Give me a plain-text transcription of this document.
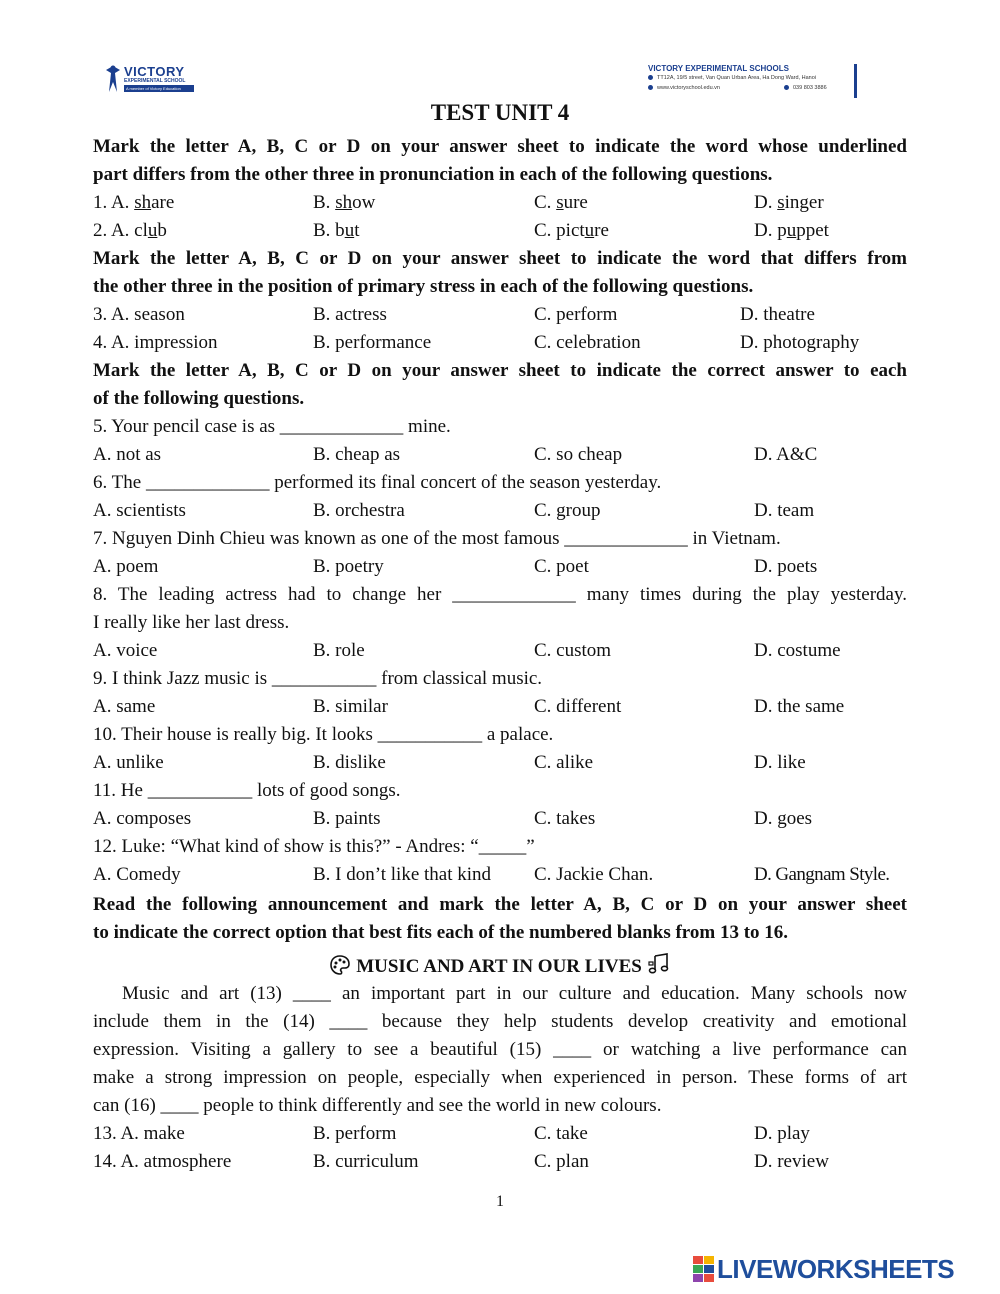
VICTORY
EXPERIMENTAL SCHOOL
A member of Victory Education
VICTORY EXPERIMENTAL SCHOOLS
TT12A, 19/5 street, Van Quan Urban Area, Ha Dong Ward, Hanoi
www.victoryschool.edu.vn	039 803 3886
TEST UNIT 4
Mark the letter A, B, C or D on your answer sheet to indicate the word whose underlined
part differs from the other three in pronunciation in each of the following questions.
1. A. share	B. show	C. sure	D. singer
2. A. club	B. but	C. picture	D. puppet
Mark the letter A, B, C or D on your answer sheet to indicate the word that differs from
the other three in the position of primary stress in each of the following questions.
3. A. season	B. actress	C. perform	D. theatre
4. A. impression	B. performance	C. celebration	D. photography
Mark the letter A, B, C or D on your answer sheet to indicate the correct answer to each
of the following questions.
5. Your pencil case is as _____________ mine.
A. not as	B. cheap as	C. so cheap	D. A&C
6. The _____________ performed its final concert of the season yesterday.
A. scientists	B. orchestra	C. group	D. team
7. Nguyen Dinh Chieu was known as one of the most famous _____________ in Vietnam.
A. poem	B. poetry	C. poet	D. poets
8. The leading actress had to change her _____________ many times during the play yesterday.
I really like her last dress.
A. voice	B. role	C. custom	D. costume
9. I think Jazz music is ___________ from classical music.
A. same	B. similar	C. different	D. the same
10. Their house is really big. It looks ___________ a palace.
A. unlike	B. dislike	C. alike	D. like
11. He ___________ lots of good songs.
A. composes	B. paints	C. takes	D. goes
12. Luke: “What kind of show is this?” - Andres: “_____”
A. Comedy	B. I don’t like that kind C. Jackie Chan.	D. Gangnam Style.
Read the following announcement and mark the letter A, B, C or D on your answer sheet
to indicate the correct option that best fits each of the numbered blanks from 13 to 16.
MUSIC AND ART IN OUR LIVES
Music and art (13) ____ an important part in our culture and education. Many schools now
include them in the (14) ____ because they help students develop creativity and emotional
expression. Visiting a gallery to see a beautiful (15) ____ or watching a live performance can
make a strong impression on people, especially when experienced in person. These forms of art
can (16) ____ people to think differently and see the world in new colours.
13. A. make	B. perform	C. take	D. play
14. A. atmosphere	B. curriculum	C. plan	D. review
1
LIVEWORKSHEETS
